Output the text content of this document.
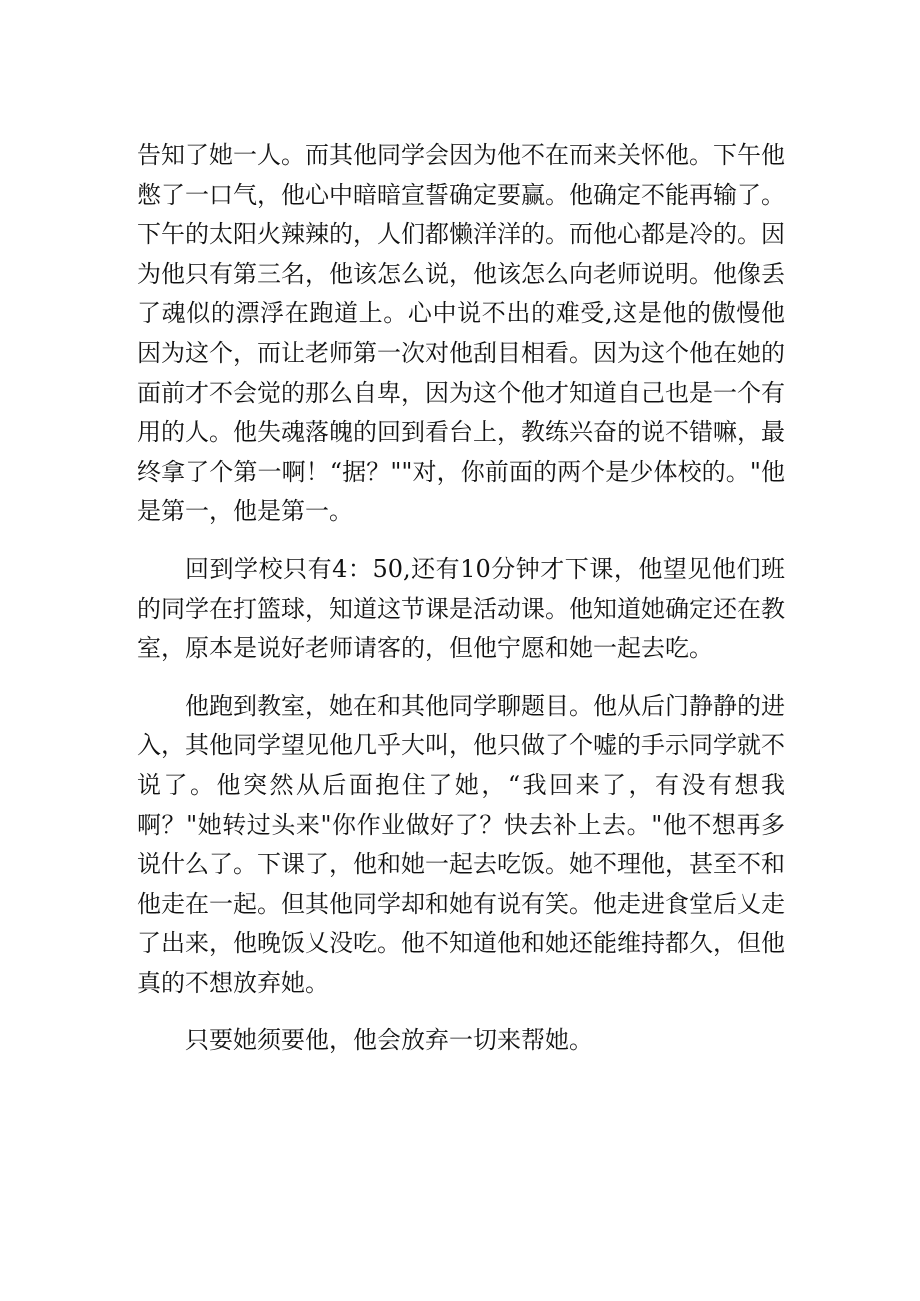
告知了她一人。而其他同学会因为他不在而来关怀他。下午他憋了一口气，他心中暗暗宣誓确定要赢。他确定不能再输了。下午的太阳火辣辣的，人们都懒洋洋的。而他心都是冷的。因为他只有第三名，他该怎么说，他该怎么向老师说明。他像丢了魂似的漂浮在跑道上。心中说不出的难受,这是他的傲慢他因为这个，而让老师第一次对他刮目相看。因为这个他在她的面前才不会觉的那么自卑，因为这个他才知道自己也是一个有用的人。他失魂落魄的回到看台上，教练兴奋的说不错嘛，最终拿了个第一啊！“据？""对，你前面的两个是少体校的。"他是第一，他是第一。

回到学校只有4：50,还有10分钟才下课，他望见他们班的同学在打篮球，知道这节课是活动课。他知道她确定还在教室，原本是说好老师请客的，但他宁愿和她一起去吃。

他跑到教室，她在和其他同学聊题目。他从后门静静的进入，其他同学望见他几乎大叫，他只做了个嘘的手示同学就不说了。他突然从后面抱住了她，“我回来了，有没有想我啊？"她转过头来"你作业做好了？快去补上去。"他不想再多说什么了。下课了，他和她一起去吃饭。她不理他，甚至不和他走在一起。但其他同学却和她有说有笑。他走进食堂后乂走了出来，他晚饭乂没吃。他不知道他和她还能维持都久，但他真的不想放弃她。

只要她须要他，他会放弃一切来帮她。
